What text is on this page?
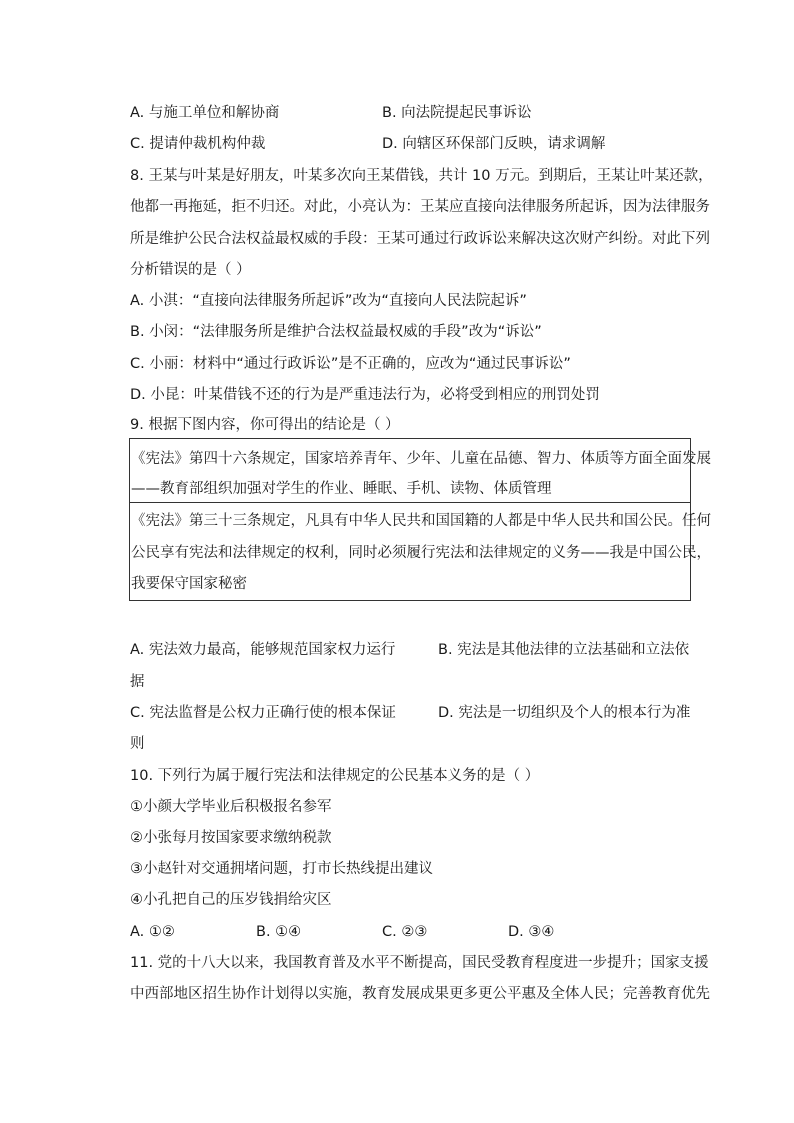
A. 与施工单位和解协商	B. 向法院提起民事诉讼
C. 提请仲裁机构仲裁	D. 向辖区环保部门反映，请求调解
8. 王某与叶某是好朋友，叶某多次向王某借钱，共计 10 万元。到期后，王某让叶某还款，
他都一再拖延，拒不归还。对此，小亮认为：王某应直接向法律服务所起诉，因为法律服务
所是维护公民合法权益最权威的手段：王某可通过行政诉讼来解决这次财产纠纷。对此下列
分析错误的是（ ）
A. 小淇：“直接向法律服务所起诉”改为“直接向人民法院起诉”
B. 小闵：“法律服务所是维护合法权益最权威的手段”改为“诉讼”
C. 小丽：材料中“通过行政诉讼”是不正确的，应改为“通过民事诉讼”
D. 小昆：叶某借钱不还的行为是严重违法行为，必将受到相应的刑罚处罚
9. 根据下图内容，你可得出的结论是（ ）
《宪法》第四十六条规定，国家培养青年、少年、儿童在品德、智力、体质等方面全面发展
——教育部组织加强对学生的作业、睡眠、手机、读物、体质管理
《宪法》第三十三条规定，凡具有中华人民共和国国籍的人都是中华人民共和国公民。任何
公民享有宪法和法律规定的权利，同时必须履行宪法和法律规定的义务——我是中国公民，
我要保守国家秘密
A. 宪法效力最高，能够规范国家权力运行	B. 宪法是其他法律的立法基础和立法依
据
C. 宪法监督是公权力正确行使的根本保证	D. 宪法是一切组织及个人的根本行为准
则
10. 下列行为属于履行宪法和法律规定的公民基本义务的是（ ）
①小颜大学毕业后积极报名参军
②小张每月按国家要求缴纳税款
③小赵针对交通拥堵问题，打市长热线提出建议
④小孔把自己的压岁钱捐给灾区
A. ①②	B. ①④	C. ②③	D. ③④
11. 党的十八大以来，我国教育普及水平不断提高，国民受教育程度进一步提升；国家支援
中西部地区招生协作计划得以实施，教育发展成果更多更公平惠及全体人民；完善教育优先
